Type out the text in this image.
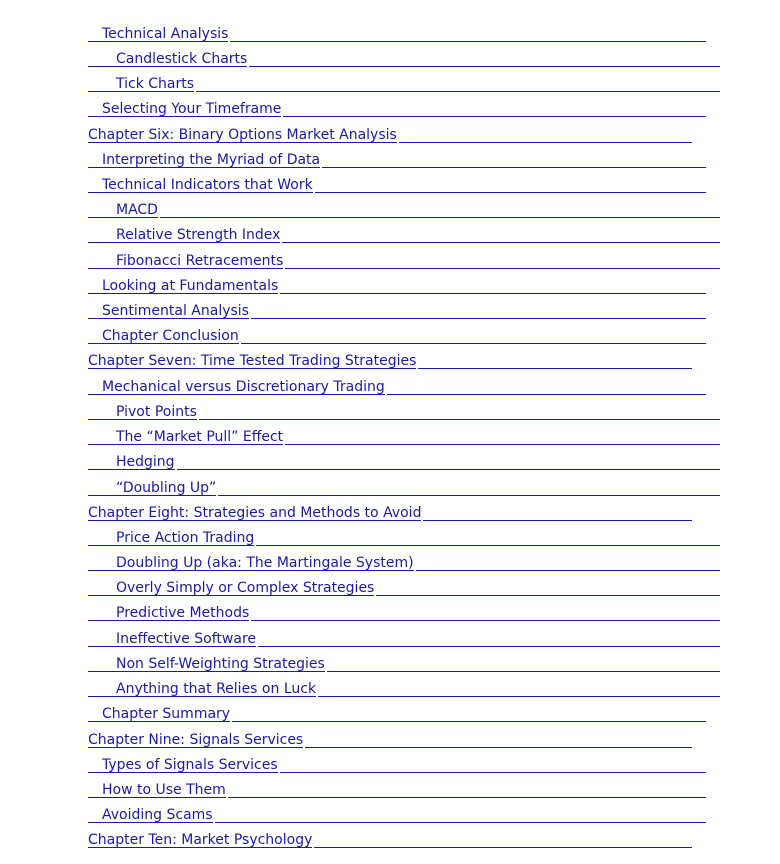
Technical Analysis
Candlestick Charts
Tick Charts
Selecting Your Timeframe
Chapter Six: Binary Options Market Analysis
Interpreting the Myriad of Data
Technical Indicators that Work
MACD
Relative Strength Index
Fibonacci Retracements
Looking at Fundamentals
Sentimental Analysis
Chapter Conclusion
Chapter Seven: Time Tested Trading Strategies
Mechanical versus Discretionary Trading
Pivot Points
The “Market Pull” Effect
Hedging
“Doubling Up”
Chapter Eight: Strategies and Methods to Avoid
Price Action Trading
Doubling Up (aka: The Martingale System)
Overly Simply or Complex Strategies
Predictive Methods
Ineffective Software
Non Self-Weighting Strategies
Anything that Relies on Luck
Chapter Summary
Chapter Nine: Signals Services
Types of Signals Services
How to Use Them
Avoiding Scams
Chapter Ten: Market Psychology
